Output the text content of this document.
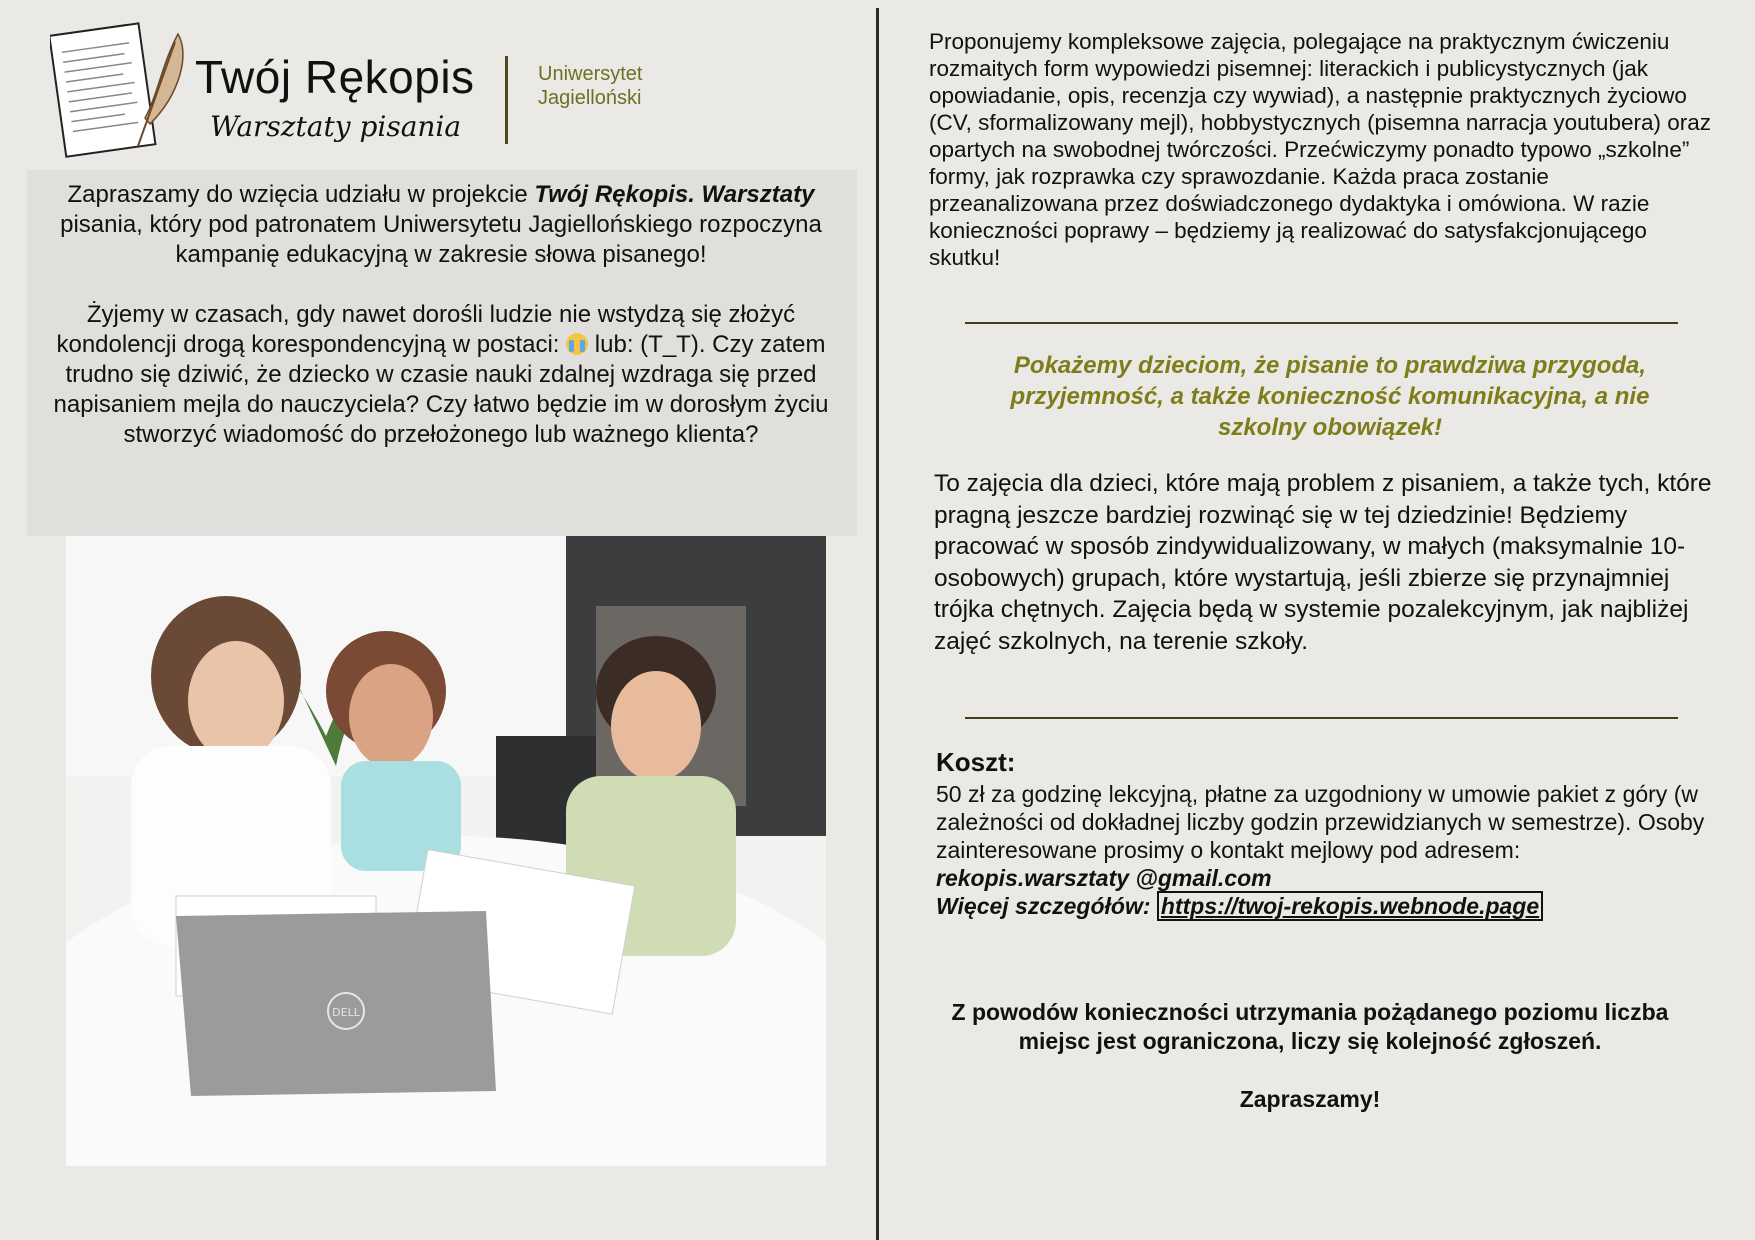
Twój Rękopis
Warsztaty pisania
Uniwersytet
Jagielloński

Zapraszamy do wzięcia udziału w projekcie Twój Rękopis. Warsztaty pisania, który pod patronatem Uniwersytetu Jagiellońskiego rozpoczyna kampanię edukacyjną w zakresie słowa pisanego!

Żyjemy w czasach, gdy nawet dorośli ludzie nie wstydzą się złożyć kondolencji drogą korespondencyjną w postaci:  lub: (T_T). Czy zatem trudno się dziwić, że dziecko w czasie nauki zdalnej wzdraga się przed napisaniem mejla do nauczyciela? Czy łatwo będzie im w dorosłym życiu stworzyć wiadomość do przełożonego lub ważnego klienta?

DELL
Proponujemy kompleksowe zajęcia, polegające na praktycznym ćwiczeniu rozmaitych form wypowiedzi pisemnej: literackich i publicystycznych (jak opowiadanie, opis, recenzja czy wywiad), a następnie praktycznych życiowo (CV, sformalizowany mejl), hobbystycznych (pisemna narracja youtubera) oraz opartych na swobodnej twórczości. Przećwiczymy ponadto typowo „szkolne” formy, jak rozprawka czy sprawozdanie. Każda praca zostanie przeanalizowana przez doświadczonego dydaktyka i omówiona. W razie konieczności poprawy – będziemy ją realizować do satysfakcjonującego skutku!
Pokażemy dzieciom, że pisanie to prawdziwa przygoda, przyjemność, a także konieczność komunikacyjna, a nie szkolny obowiązek!
To zajęcia dla dzieci, które mają problem z pisaniem, a także tych, które pragną jeszcze bardziej rozwinąć się w tej dziedzinie! Będziemy pracować w sposób zindywidualizowany, w małych (maksymalnie 10-osobowych) grupach, które wystartują, jeśli zbierze się przynajmniej trójka chętnych. Zajęcia będą w systemie pozalekcyjnym, jak najbliżej zajęć szkolnych, na terenie szkoły.
Koszt:
50 zł za godzinę lekcyjną, płatne za uzgodniony w umowie pakiet z góry (w zależności od dokładnej liczby godzin przewidzianych w semestrze). Osoby zainteresowane prosimy o kontakt mejlowy pod adresem: rekopis.warsztaty @gmail.com
Więcej szczegółów: https://twoj-rekopis.webnode.page
Z powodów konieczności utrzymania pożądanego poziomu liczba miejsc jest ograniczona, liczy się kolejność zgłoszeń.
Zapraszamy!
